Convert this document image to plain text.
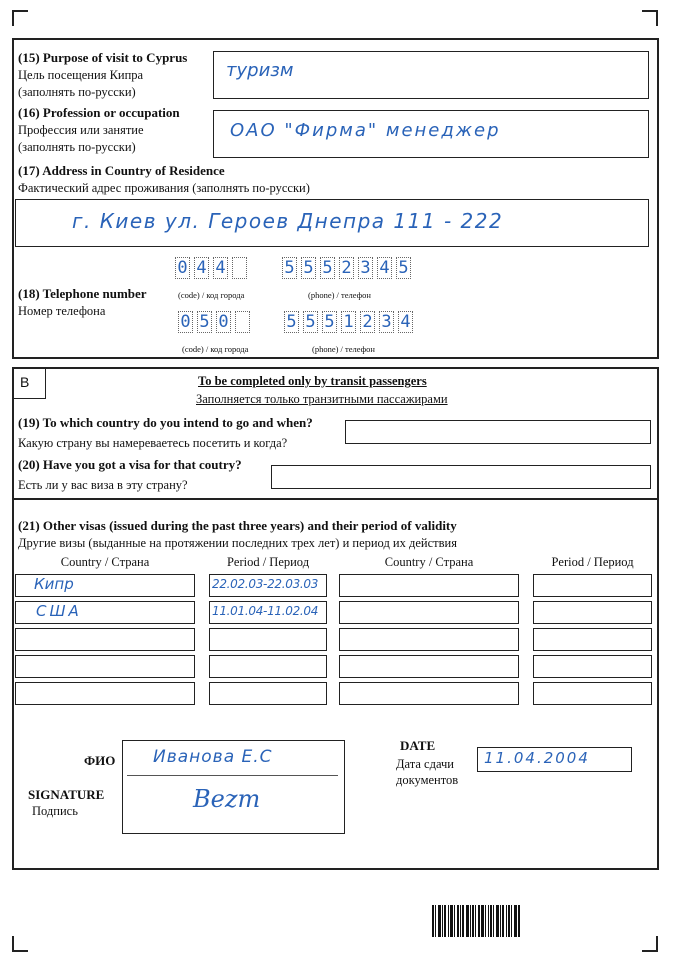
(15) Purpose of visit to Cyprus
Цель посещения Кипра
(заполнять по-русски)
туризм
(16) Profession or occupation
Профессия или занятие
(заполнять по-русски)
ОАО "Фирма" менеджер
(17) Address in Country of Residence
Фактический адрес проживания (заполнять по-русски)
г. Киев ул. Героев Днепра 111 - 222
0 4 4	5 5 5 2 3 4 5
(code) / код города	(phone) / телефон
(18) Telephone number
Номер телефона
0 5 0	5 5 5 1 2 3 4
(code) / код города	(phone) / телефон
B	To be completed only by transit passengers
Заполняется только транзитными пассажирами
(19) To which country do you intend to go and when?
Какую страну вы намереваетесь посетить и когда?
(20) Have you got a visa for that coutry?
Есть ли у вас виза в эту страну?
(21) Other visas (issued during the past three years) and their period of validity
Другие визы (выданные на протяжении последних трех лет) и период их действия
Country / Страна	Period / Период	Country / Страна	Period / Период
Кипр	22.02.03-22.03.03
США	11.01.04-11.02.04
ФИО
SIGNATURE
Подпись
Иванова Е.С
Веzт
DATE
Дата сдачи
документов
11.04.2004
